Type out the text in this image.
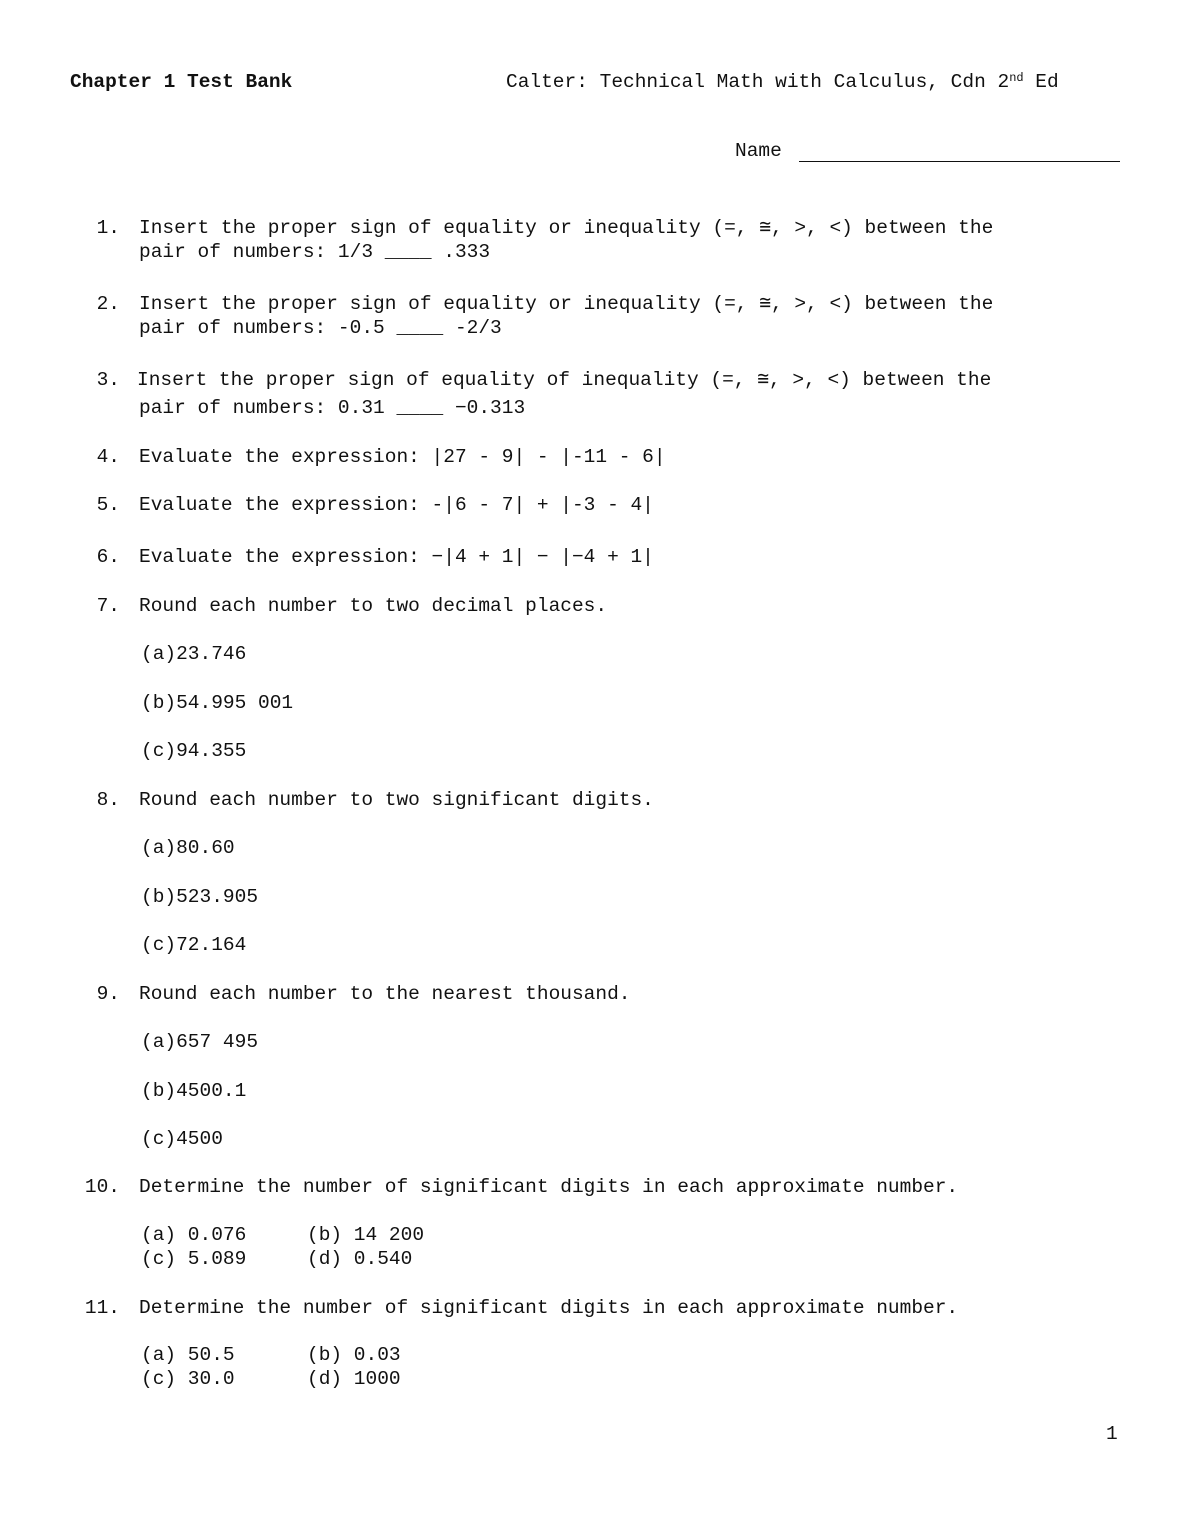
Chapter 1 Test Bank	Calter: Technical Math with Calculus, Cdn 2nd Ed
Name
1. Insert the proper sign of equality or inequality (=, ≅, >, <) between the
pair of numbers: 1/3 ____ .333
2. Insert the proper sign of equality or inequality (=, ≅, >, <) between the
pair of numbers: -0.5 ____ -2/3
3. Insert the proper sign of equality of inequality (=, ≅, >, <) between the
pair of numbers: 0.31 ____ −0.313
4. Evaluate the expression: |27 - 9| - |-11 - 6|
5. Evaluate the expression: -|6 - 7| + |-3 - 4|
6. Evaluate the expression: −|4 + 1| − |−4 + 1|
7. Round each number to two decimal places.
(a)23.746
(b)54.995 001
(c)94.355
8. Round each number to two significant digits.
(a)80.60
(b)523.905
(c)72.164
9. Round each number to the nearest thousand.
(a)657 495
(b)4500.1
(c)4500
10. Determine the number of significant digits in each approximate number.
(a) 0.076	(b) 14 200
(c) 5.089	(d) 0.540
11. Determine the number of significant digits in each approximate number.
(a) 50.5	(b) 0.03
(c) 30.0	(d) 1000
1
